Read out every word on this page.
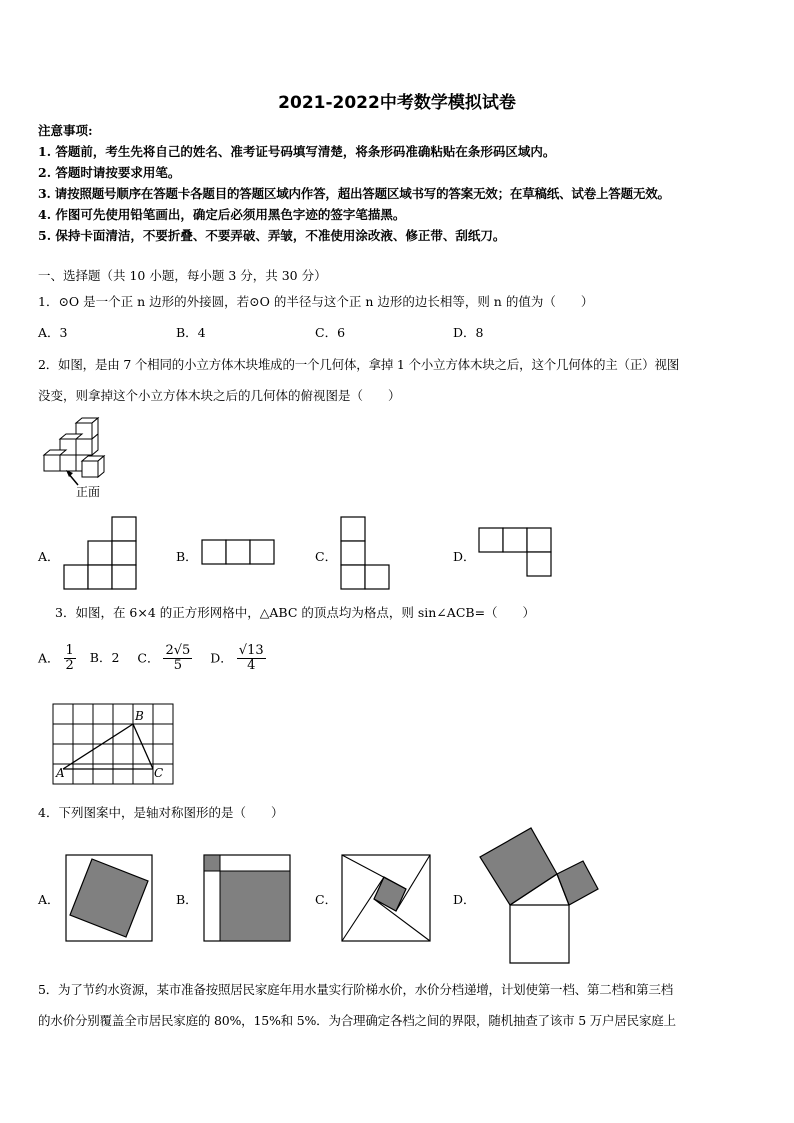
2021-2022中考数学模拟试卷
注意事项:
1. 答题前，考生先将自己的姓名、准考证号码填写清楚，将条形码准确粘贴在条形码区域内。
2. 答题时请按要求用笔。
3. 请按照题号顺序在答题卡各题目的答题区域内作答，超出答题区域书写的答案无效；在草稿纸、试卷上答题无效。
4. 作图可先使用铅笔画出，确定后必须用黑色字迹的签字笔描黑。
5. 保持卡面清洁，不要折叠、不要弄破、弄皱，不准使用涂改液、修正带、刮纸刀。
一、选择题（共 10 小题，每小题 3 分，共 30 分）
1．⊙O 是一个正 n 边形的外接圆，若⊙O 的半径与这个正 n 边形的边长相等，则 n 的值为（　　）
A．3	B．4	C．6	D．8
2．如图，是由 7 个相同的小立方体木块堆成的一个几何体，拿掉 1 个小立方体木块之后，这个几何体的主（正）视图
没变，则拿掉这个小立方体木块之后的几何体的俯视图是（　　）
正面
A．	B．	C．	D．
3．如图，在 6×4 的正方形网格中，△ABC 的顶点均为格点，则 sin∠ACB=（　　）
A． $\frac{1}{2}$ B．2 C． $\frac{2√5}{5}$ D． $\frac{√13}{4}$
A
B
C
4．下列图案中，是轴对称图形的是（　　）
A．	B．	C．	D．
5．为了节约水资源，某市准备按照居民家庭年用水量实行阶梯水价，水价分档递增，计划使第一档、第二档和第三档
的水价分别覆盖全市居民家庭的 80%，15%和 5%．为合理确定各档之间的界限，随机抽查了该市 5 万户居民家庭上
